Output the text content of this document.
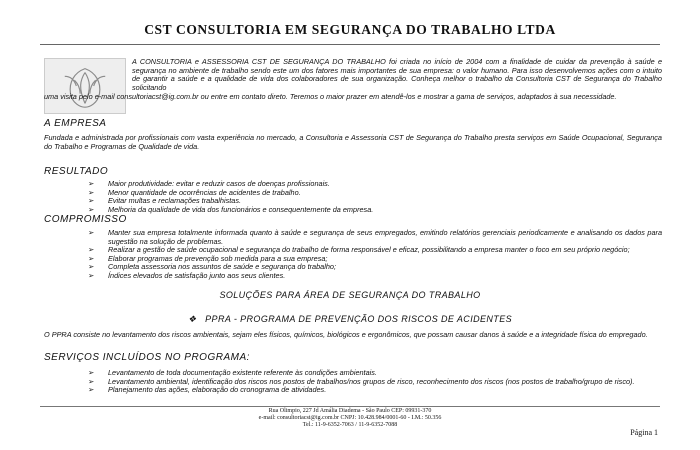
CST CONSULTORIA EM SEGURANÇA DO TRABALHO LTDA
A CONSULTORIA e ASSESSORIA CST DE SEGURANÇA DO TRABALHO foi criada no início de 2004 com a finalidade de cuidar da prevenção à saúde e segurança no ambiente de trabalho sendo este um dos fatores mais importantes de sua empresa: o valor humano. Para isso desenvolvemos ações com o intuito de garantir a saúde e a qualidade de vida dos colaboradores de sua organização. Conheça melhor o trabalho da Consultoria CST de Segurança do Trabalho solicitando
uma visita pelo e-mail consultoriacst@ig.com.br ou entre em contato direto. Teremos o maior prazer em atendê-los e mostrar a gama de serviços, adaptados à sua necessidade.
A EMPRESA
Fundada e administrada por profissionais com vasta experiência no mercado, a Consultoria e Assessoria CST de Segurança do Trabalho presta serviços em Saúde Ocupacional, Segurança do Trabalho e Programas de Qualidade de vida.
RESULTADO
➢ Maior produtividade: evitar e reduzir casos de doenças profissionais.
➢ Menor quantidade de ocorrências de acidentes de trabalho.
➢ Evitar multas e reclamações trabalhistas.
➢ Melhoria da qualidade de vida dos funcionários e consequentemente da empresa.
COMPROMISSO
➢ Manter sua empresa totalmente informada quanto à saúde e segurança de seus empregados, emitindo relatórios gerenciais periodicamente e analisando os dados para sugestão na solução de problemas.
➢ Realizar a gestão de saúde ocupacional e segurança do trabalho de forma responsável e eficaz, possibilitando a empresa manter o foco em seu próprio negócio;
➢ Elaborar programas de prevenção sob medida para a sua empresa;
➢ Completa assessoria nos assuntos de saúde e segurança do trabalho;
➢ Índices elevados de satisfação junto aos seus clientes.
SOLUÇÕES PARA ÁREA DE SEGURANÇA DO TRABALHO
❖ PPRA - PROGRAMA DE PREVENÇÃO DOS RISCOS DE ACIDENTES
O PPRA consiste no levantamento dos riscos ambientais, sejam eles físicos, químicos, biológicos e ergonômicos, que possam causar danos à saúde e a integridade física do empregado.
SERVIÇOS INCLUÍDOS NO PROGRAMA:
➢ Levantamento de toda documentação existente referente às condições ambientais.
➢ Levantamento ambiental, identificação dos riscos nos postos de trabalhos/nos grupos de risco, reconhecimento dos riscos (nos postos de trabalho/grupo de risco).
➢ Planejamento das ações, elaboração do cronograma de atividades.
Rua Olimpio, 227 Jd Amália Diadema - São Paulo CEP: 09931-370
e-mail: consultoriacst@ig.com.br CNPJ: 10.428.984/0001-60 - I.M.: 50.356
Tel.: 11-9-6352-7063 / 11-9-6352-7088
Página 1
